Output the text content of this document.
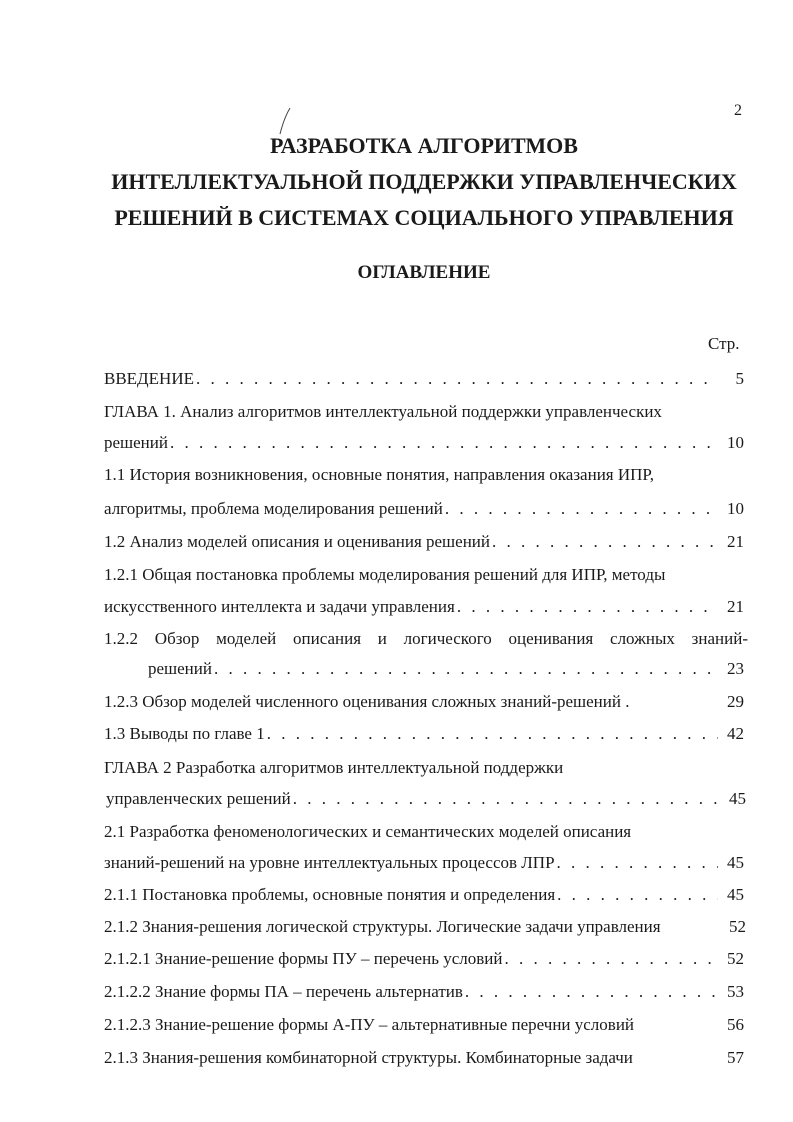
2
РАЗРАБОТКА АЛГОРИТМОВ
ИНТЕЛЛЕКТУАЛЬНОЙ ПОДДЕРЖКИ УПРАВЛЕНЧЕСКИХ
РЕШЕНИЙ В СИСТЕМАХ СОЦИАЛЬНОГО УПРАВЛЕНИЯ
ОГЛАВЛЕНИЕ
Стр.
ВВЕДЕНИЕ . . .	5
ГЛАВА 1. Анализ алгоритмов интеллектуальной поддержки управленческих
решений . . .	10
1.1 История возникновения, основные понятия, направления оказания ИПР,
алгоритмы, проблема моделирования решений . . .	10
1.2 Анализ моделей описания и оценивания решений . . .	21
1.2.1 Общая постановка проблемы моделирования решений для ИПР, методы
искусственного интеллекта и задачи управления . . .	21
1.2.2 Обзор моделей описания и логического оценивания сложных знаний-
решений . . .	23
1.2.3 Обзор моделей численного оценивания сложных знаний-решений .	29
1.3 Выводы по главе 1 . . .	42
ГЛАВА 2 Разработка алгоритмов интеллектуальной поддержки
управленческих решений . . .	45
2.1 Разработка феноменологических и семантических моделей описания
знаний-решений на уровне интеллектуальных процессов ЛПР . . .	45
2.1.1 Постановка проблемы, основные понятия и определения . . .	45
2.1.2 Знания-решения логической структуры. Логические задачи управления	52
2.1.2.1 Знание-решение формы ПУ – перечень условий . . .	52
2.1.2.2 Знание формы ПА – перечень альтернатив . . .	53
2.1.2.3 Знание-решение формы А-ПУ – альтернативные перечни условий	56
2.1.3 Знания-решения комбинаторной структуры. Комбинаторные задачи	57
